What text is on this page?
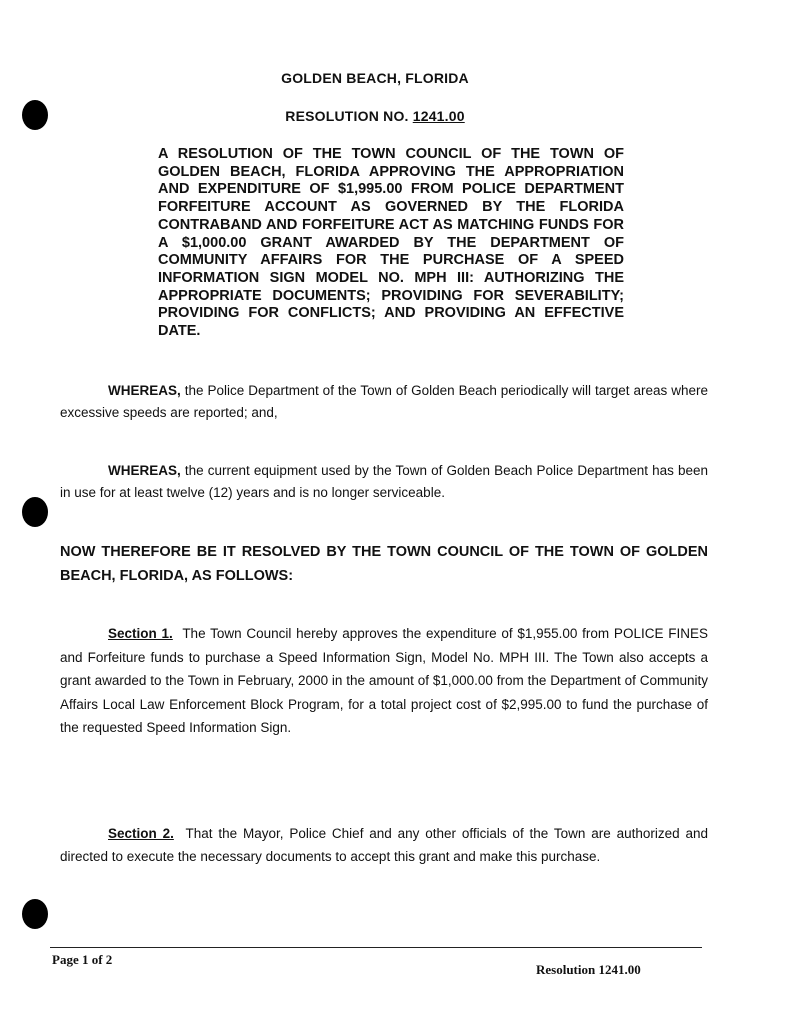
GOLDEN BEACH, FLORIDA
RESOLUTION NO. 1241.00
A RESOLUTION OF THE TOWN COUNCIL OF THE TOWN OF GOLDEN BEACH, FLORIDA APPROVING THE APPROPRIATION AND EXPENDITURE OF $1,995.00 FROM POLICE DEPARTMENT FORFEITURE ACCOUNT AS GOVERNED BY THE FLORIDA CONTRABAND AND FORFEITURE ACT AS MATCHING FUNDS FOR A $1,000.00 GRANT AWARDED BY THE DEPARTMENT OF COMMUNITY AFFAIRS FOR THE PURCHASE OF A SPEED INFORMATION SIGN MODEL NO. MPH III: AUTHORIZING THE APPROPRIATE DOCUMENTS; PROVIDING FOR SEVERABILITY; PROVIDING FOR CONFLICTS; AND PROVIDING AN EFFECTIVE DATE.
WHEREAS, the Police Department of the Town of Golden Beach periodically will target areas where excessive speeds are reported; and,
WHEREAS, the current equipment used by the Town of Golden Beach Police Department has been in use for at least twelve (12) years and is no longer serviceable.
NOW THEREFORE BE IT RESOLVED BY THE TOWN COUNCIL OF THE TOWN OF GOLDEN BEACH, FLORIDA, AS FOLLOWS:
Section 1. The Town Council hereby approves the expenditure of $1,955.00 from POLICE FINES and Forfeiture funds to purchase a Speed Information Sign, Model No. MPH III. The Town also accepts a grant awarded to the Town in February, 2000 in the amount of $1,000.00 from the Department of Community Affairs Local Law Enforcement Block Program, for a total project cost of $2,995.00 to fund the purchase of the requested Speed Information Sign.
Section 2. That the Mayor, Police Chief and any other officials of the Town are authorized and directed to execute the necessary documents to accept this grant and make this purchase.
Page 1 of 2
Resolution 1241.00
